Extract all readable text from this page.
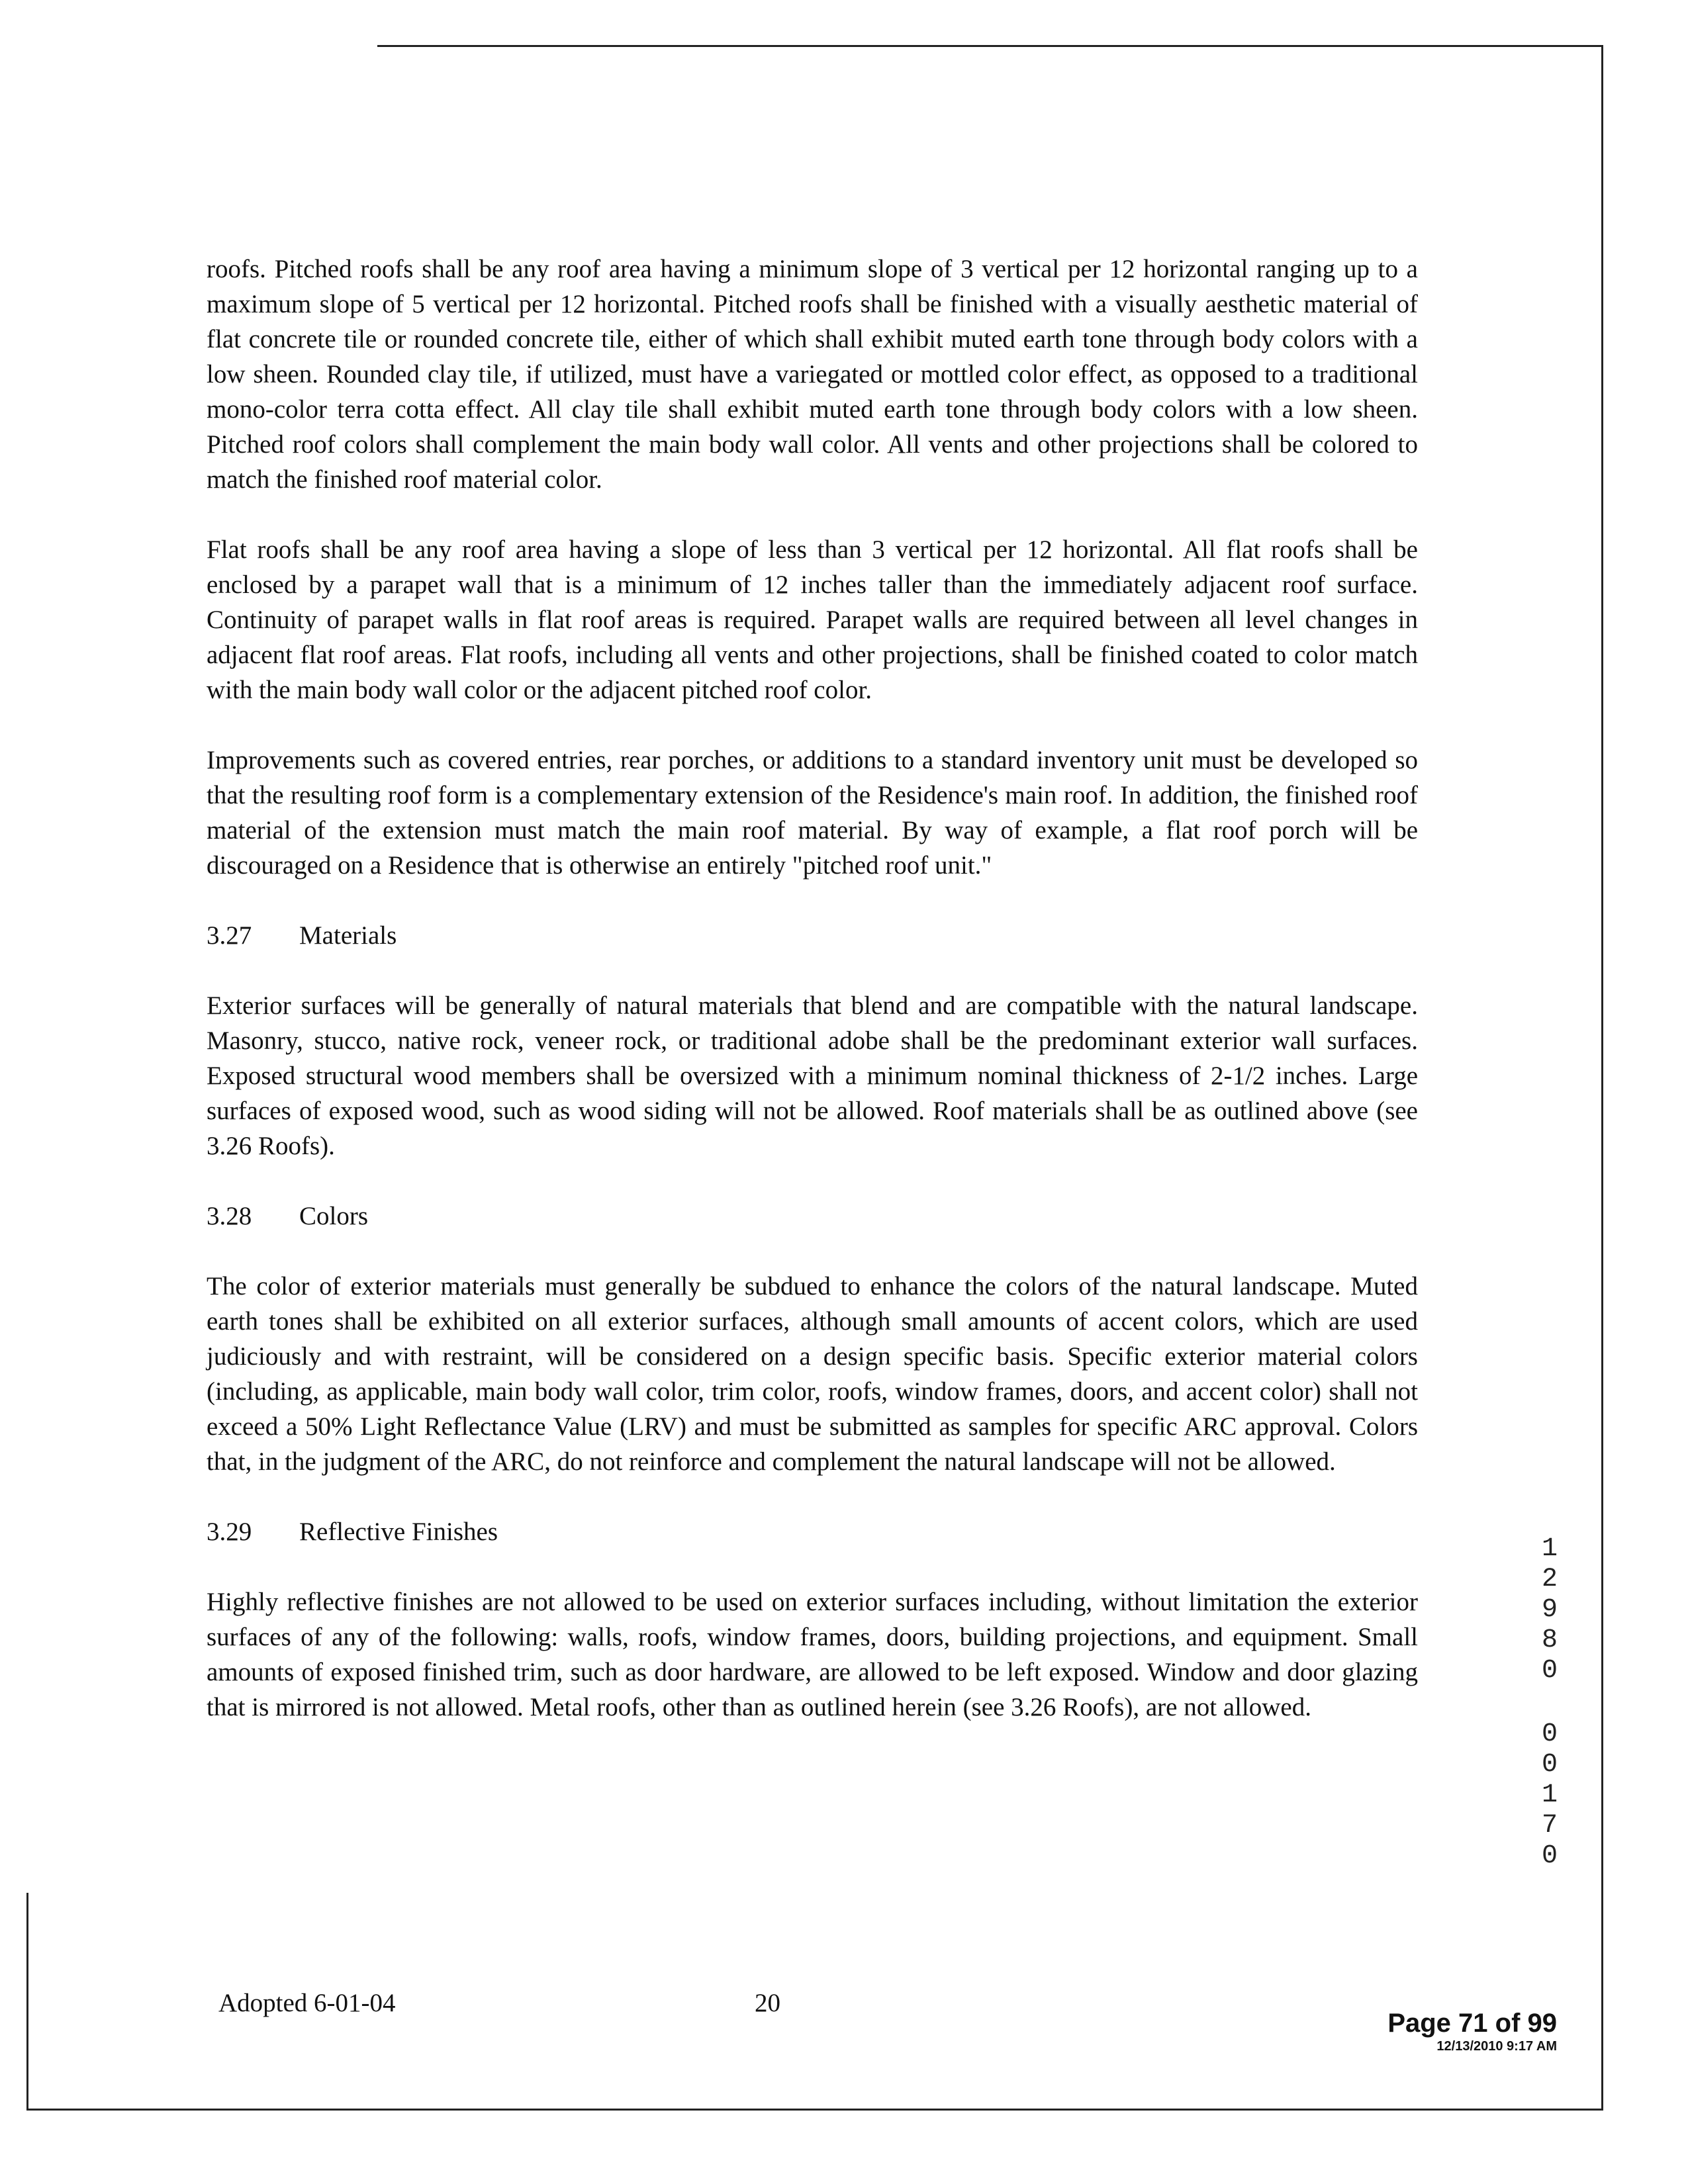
roofs. Pitched roofs shall be any roof area having a minimum slope of 3 vertical per 12 horizontal ranging up to a maximum slope of 5 vertical per 12 horizontal. Pitched roofs shall be finished with a visually aesthetic material of flat concrete tile or rounded concrete tile, either of which shall exhibit muted earth tone through body colors with a low sheen. Rounded clay tile, if utilized, must have a variegated or mottled color effect, as opposed to a traditional mono-color terra cotta effect. All clay tile shall exhibit muted earth tone through body colors with a low sheen. Pitched roof colors shall complement the main body wall color. All vents and other projections shall be colored to match the finished roof material color.

Flat roofs shall be any roof area having a slope of less than 3 vertical per 12 horizontal. All flat roofs shall be enclosed by a parapet wall that is a minimum of 12 inches taller than the immediately adjacent roof surface. Continuity of parapet walls in flat roof areas is required. Parapet walls are required between all level changes in adjacent flat roof areas. Flat roofs, including all vents and other projections, shall be finished coated to color match with the main body wall color or the adjacent pitched roof color.

Improvements such as covered entries, rear porches, or additions to a standard inventory unit must be developed so that the resulting roof form is a complementary extension of the Residence's main roof. In addition, the finished roof material of the extension must match the main roof material. By way of example, a flat roof porch will be discouraged on a Residence that is otherwise an entirely "pitched roof unit."

3.27 Materials

Exterior surfaces will be generally of natural materials that blend and are compatible with the natural landscape. Masonry, stucco, native rock, veneer rock, or traditional adobe shall be the predominant exterior wall surfaces. Exposed structural wood members shall be oversized with a minimum nominal thickness of 2-1/2 inches. Large surfaces of exposed wood, such as wood siding will not be allowed. Roof materials shall be as outlined above (see 3.26 Roofs).

3.28 Colors

The color of exterior materials must generally be subdued to enhance the colors of the natural landscape. Muted earth tones shall be exhibited on all exterior surfaces, although small amounts of accent colors, which are used judiciously and with restraint, will be considered on a design specific basis. Specific exterior material colors (including, as applicable, main body wall color, trim color, roofs, window frames, doors, and accent color) shall not exceed a 50% Light Reflectance Value (LRV) and must be submitted as samples for specific ARC approval. Colors that, in the judgment of the ARC, do not reinforce and complement the natural landscape will not be allowed.

3.29 Reflective Finishes

Highly reflective finishes are not allowed to be used on exterior surfaces including, without limitation the exterior surfaces of any of the following: walls, roofs, window frames, doors, building projections, and equipment. Small amounts of exposed finished trim, such as door hardware, are allowed to be left exposed. Window and door glazing that is mirrored is not allowed. Metal roofs, other than as outlined herein (see 3.26 Roofs), are not allowed.

1
2
9
8
0
0
0
1
7
0
Adopted 6-01-04	20
Page 71 of 99
12/13/2010 9:17 AM
